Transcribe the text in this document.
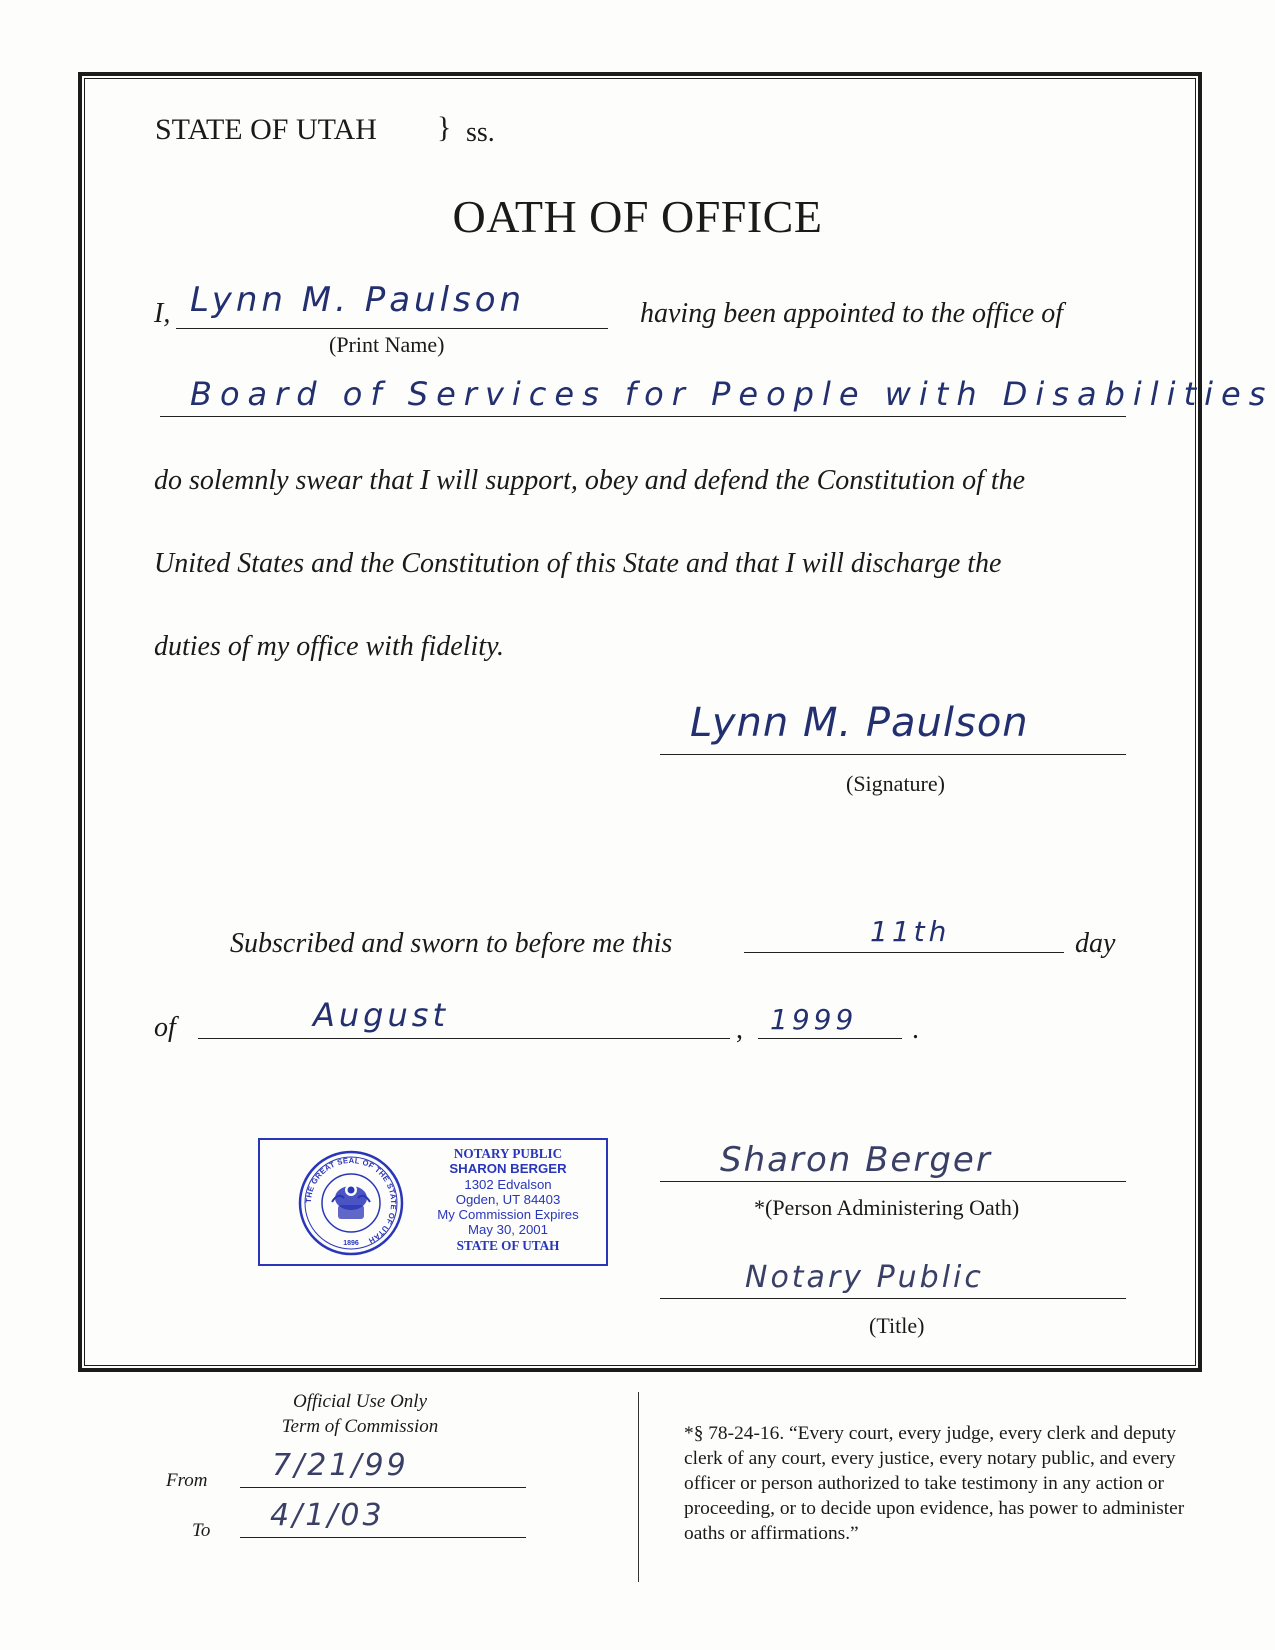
STATE OF UTAH } ss.
OATH OF OFFICE
I, Lynn M. Paulson
(Print Name)
having been appointed to the office of
Board of Services for People with Disabilities
do solemnly swear that I will support, obey and defend the Constitution of the
United States and the Constitution of this State and that I will discharge the
duties of my office with fidelity.
Lynn M. Paulson
(Signature)
Subscribed and sworn to before me this	11th	day
of	August	, 1999 .
THE GREAT SEAL OF THE STATE OF UTAH
1896
NOTARY PUBLIC
SHARON BERGER
1302 Edvalson
Ogden, UT 84403
My Commission Expires
May 30, 2001
STATE OF UTAH
Sharon Berger
*(Person Administering Oath)
Notary Public
(Title)
Official Use Only
Term of Commission
From 7/21/99
To 4/1/03
*§ 78-24-16. “Every court, every judge, every clerk and deputy clerk of any court, every justice, every notary public, and every officer or person authorized to take testimony in any action or proceeding, or to decide upon evidence, has power to administer oaths or affirmations.”
